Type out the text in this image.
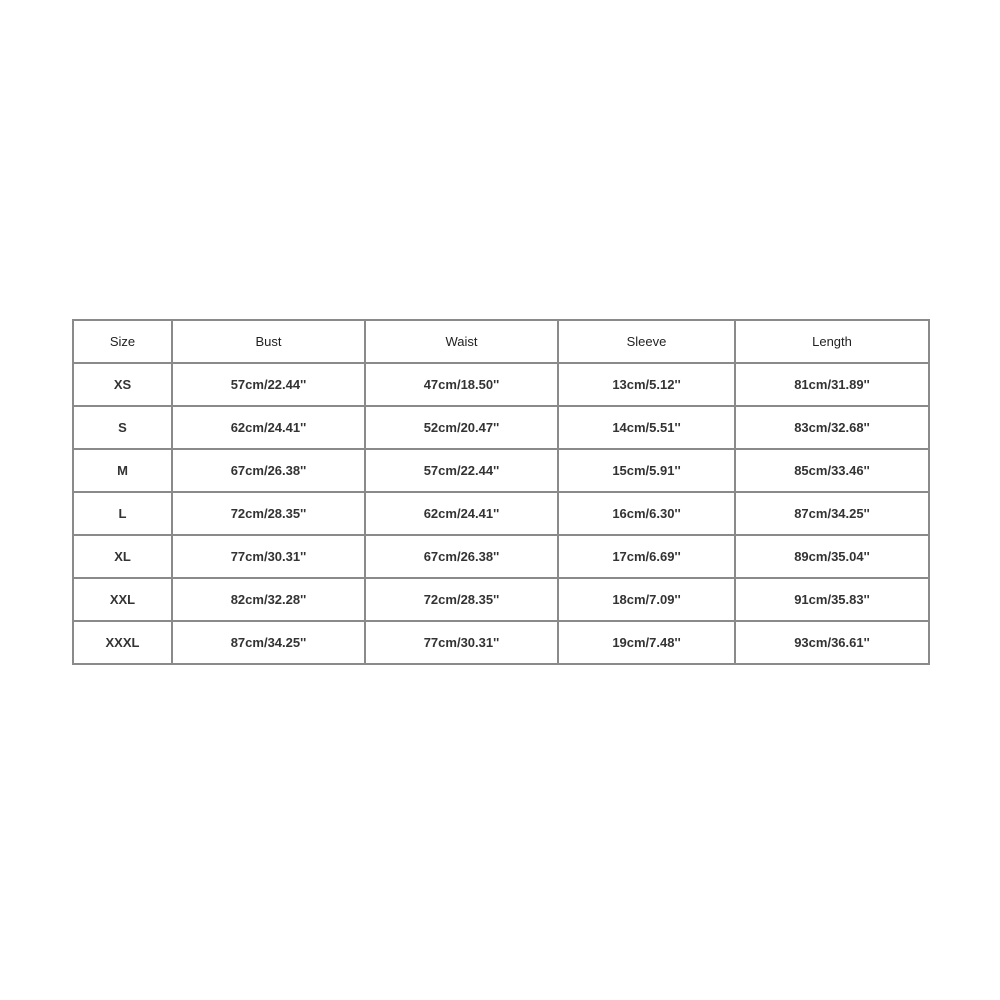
Size	Bust	Waist	Sleeve	Length
XS	57cm/22.44''	47cm/18.50''	13cm/5.12''	81cm/31.89''
S	62cm/24.41''	52cm/20.47''	14cm/5.51''	83cm/32.68''
M	67cm/26.38''	57cm/22.44''	15cm/5.91''	85cm/33.46''
L	72cm/28.35''	62cm/24.41''	16cm/6.30''	87cm/34.25''
XL	77cm/30.31''	67cm/26.38''	17cm/6.69''	89cm/35.04''
XXL	82cm/32.28''	72cm/28.35''	18cm/7.09''	91cm/35.83''
XXXL	87cm/34.25''	77cm/30.31''	19cm/7.48''	93cm/36.61''
